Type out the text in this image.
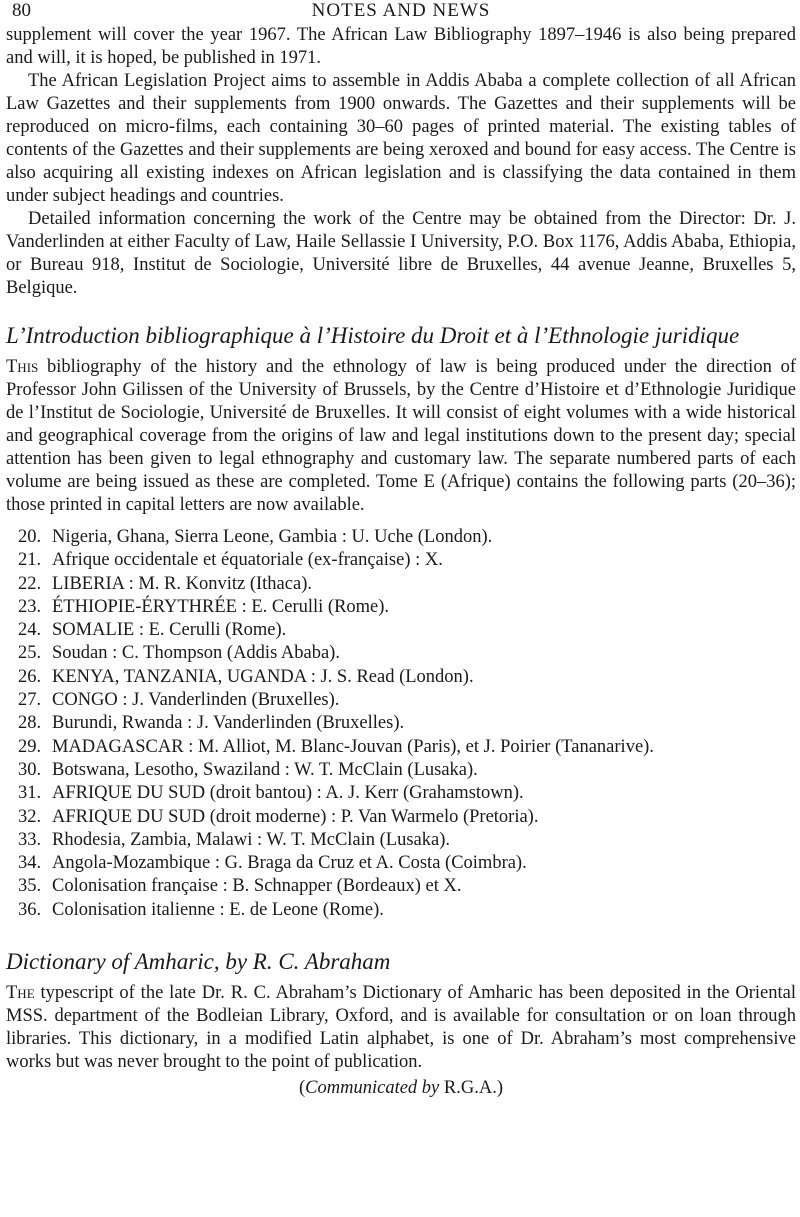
80	NOTES AND NEWS

supplement will cover the year 1967. The African Law Bibliography 1897–1946 is also being prepared and will, it is hoped, be published in 1971.

The African Legislation Project aims to assemble in Addis Ababa a complete collection of all African Law Gazettes and their supplements from 1900 onwards. The Gazettes and their supplements will be reproduced on micro-films, each containing 30–60 pages of printed material. The existing tables of contents of the Gazettes and their supplements are being xeroxed and bound for easy access. The Centre is also acquiring all existing indexes on African legislation and is classifying the data contained in them under subject headings and countries.

Detailed information concerning the work of the Centre may be obtained from the Director: Dr. J. Vanderlinden at either Faculty of Law, Haile Sellassie I University, P.O. Box 1176, Addis Ababa, Ethiopia, or Bureau 918, Institut de Sociologie, Université libre de Bruxelles, 44 avenue Jeanne, Bruxelles 5, Belgique.

L’Introduction bibliographique à l’Histoire du Droit et à l’Ethnologie juridique

This bibliography of the history and the ethnology of law is being produced under the direction of Professor John Gilissen of the University of Brussels, by the Centre d’Histoire et d’Ethnologie Juridique de l’Institut de Sociologie, Université de Bruxelles. It will consist of eight volumes with a wide historical and geographical coverage from the origins of law and legal institutions down to the present day; special attention has been given to legal ethnography and customary law. The separate numbered parts of each volume are being issued as these are completed. Tome E (Afrique) contains the following parts (20–36); those printed in capital letters are now available.

20. Nigeria, Ghana, Sierra Leone, Gambia : U. Uche (London).
21. Afrique occidentale et équatoriale (ex-française) : X.
22. LIBERIA : M. R. Konvitz (Ithaca).
23. ÉTHIOPIE-ÉRYTHRÉE : E. Cerulli (Rome).
24. SOMALIE : E. Cerulli (Rome).
25. Soudan : C. Thompson (Addis Ababa).
26. KENYA, TANZANIA, UGANDA : J. S. Read (London).
27. CONGO : J. Vanderlinden (Bruxelles).
28. Burundi, Rwanda : J. Vanderlinden (Bruxelles).
29. MADAGASCAR : M. Alliot, M. Blanc-Jouvan (Paris), et J. Poirier (Tananarive).
30. Botswana, Lesotho, Swaziland : W. T. McClain (Lusaka).
31. AFRIQUE DU SUD (droit bantou) : A. J. Kerr (Grahamstown).
32. AFRIQUE DU SUD (droit moderne) : P. Van Warmelo (Pretoria).
33. Rhodesia, Zambia, Malawi : W. T. McClain (Lusaka).
34. Angola-Mozambique : G. Braga da Cruz et A. Costa (Coimbra).
35. Colonisation française : B. Schnapper (Bordeaux) et X.
36. Colonisation italienne : E. de Leone (Rome).
Dictionary of Amharic, by R. C. Abraham

The typescript of the late Dr. R. C. Abraham’s Dictionary of Amharic has been deposited in the Oriental MSS. department of the Bodleian Library, Oxford, and is available for consultation or on loan through libraries. This dictionary, in a modified Latin alphabet, is one of Dr. Abraham’s most comprehensive works but was never brought to the point of publication.

(Communicated by R.G.A.)
